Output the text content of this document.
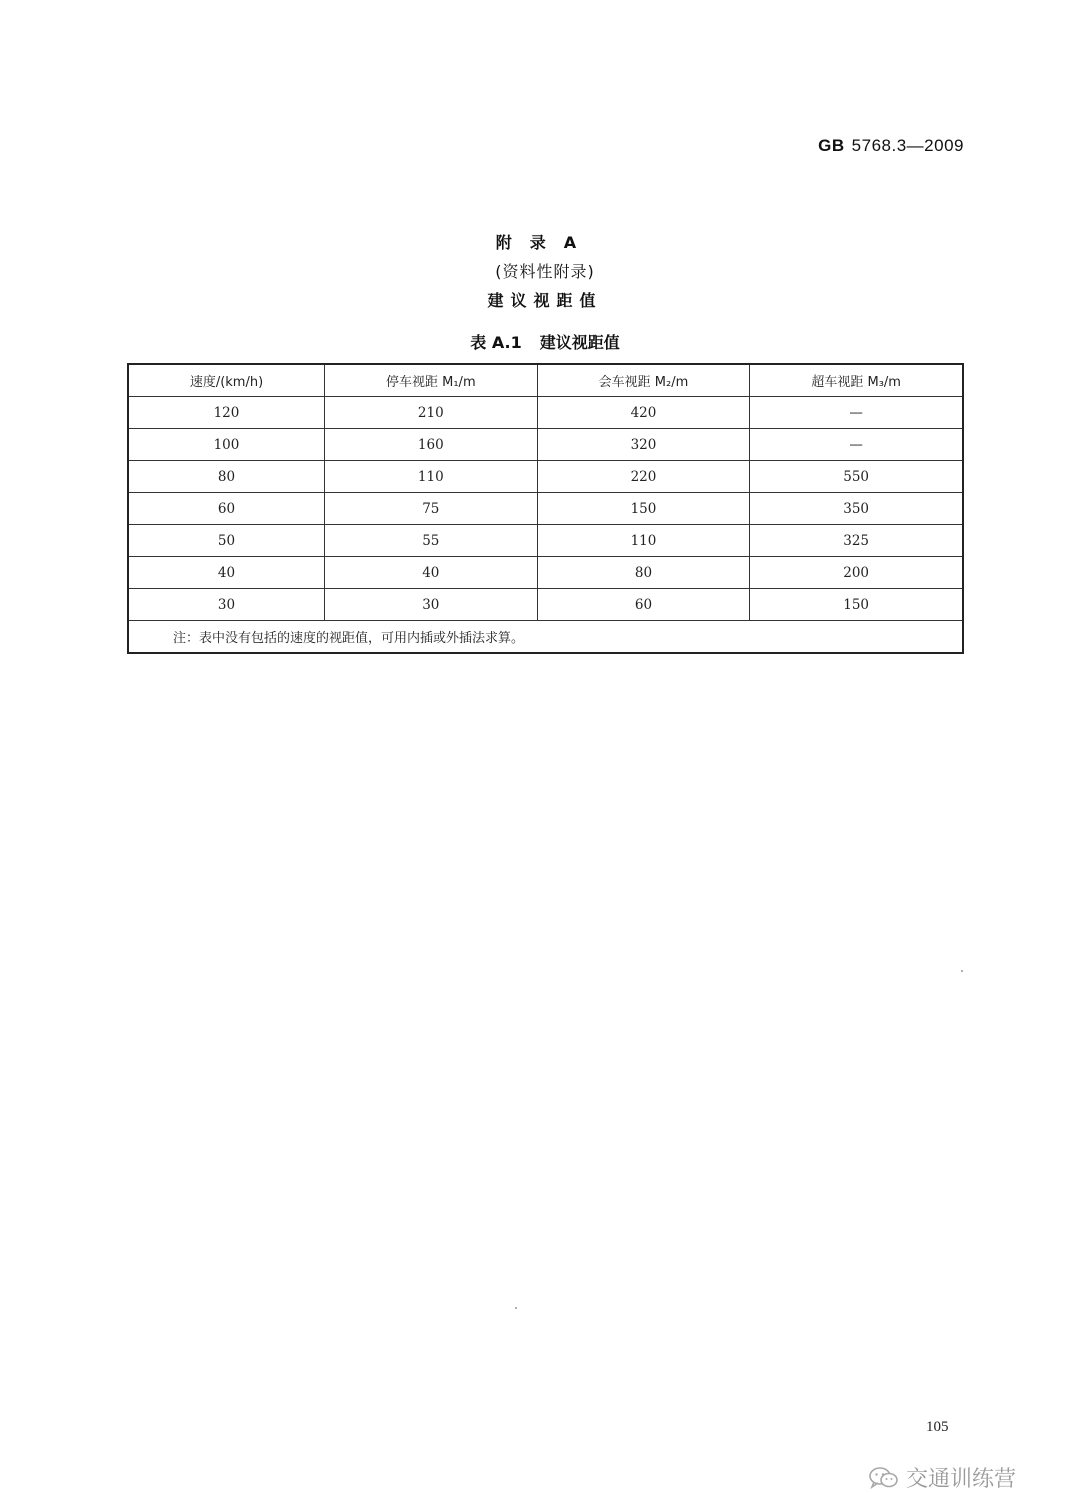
GB 5768.3—2009
附录A
(资料性附录)
建议视距值
表 A.1 建议视距值
速度/(km/h)	停车视距 M₁/m	会车视距 M₂/m	超车视距 M₃/m
120	210	420	—
100	160	320	—
80	110	220	550
60	75	150	350
50	55	110	325
40	40	80	200
30	30	60	150
注：表中没有包括的速度的视距值，可用内插或外插法求算。			
105
交通训练营
